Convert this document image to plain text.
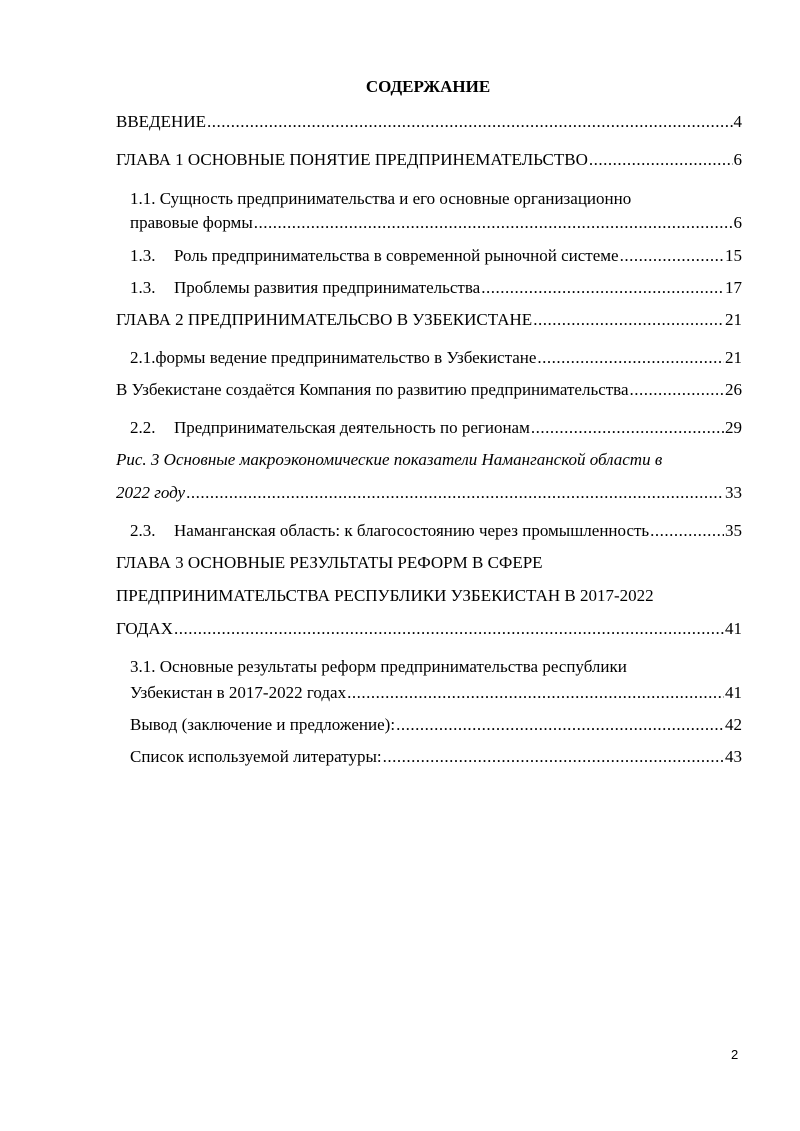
СОДЕРЖАНИЕ
ВВЕДЕНИЕ .....	4
ГЛАВА 1 ОСНОВНЫЕ ПОНЯТИЕ ПРЕДПРИНЕМАТЕЛЬСТВО .....	6
1.1. Сущность предпринимательства и его основные организационно
правовые формы .....	6
1.3. Роль предпринимательства в современной рыночной системе .....	15
1.3. Проблемы развития предпринимательства .....	17
ГЛАВА 2 ПРЕДПРИНИМАТЕЛЬСВО В УЗБЕКИСТАНЕ .....	21
2.1.формы ведение предпринимательство в Узбекистане .....	21
В Узбекистане создаётся Компания по развитию предпринимательства .....	26
2.2. Предпринимательская деятельность по регионам .....	29
Рис. 3 Основные макроэкономические показатели Наманганской области в
2022 году .....	33
2.3. Наманганская область: к благосостоянию через промышленность .....	35
ГЛАВА 3 ОСНОВНЫЕ РЕЗУЛЬТАТЫ РЕФОРМ В СФЕРЕ
ПРЕДПРИНИМАТЕЛЬСТВА РЕСПУБЛИКИ УЗБЕКИСТАН В 2017-2022
ГОДАХ .....	41
3.1. Основные результаты реформ предпринимательства республики
Узбекистан в 2017-2022 годах .....	41
Вывод (заключение и предложение): .....	42
Список используемой литературы: .....	43
2
